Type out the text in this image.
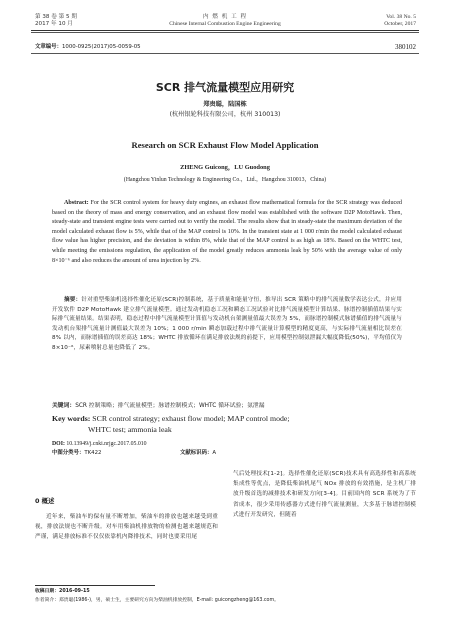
第 38 卷 第 5 期
2017 年 10 月
内 燃 机 工 程
Chinese Internal Combustion Engine Engineering
Vol. 38 No. 5
October, 2017
文章编号：1000-0925(2017)05-0059-05	380102
SCR 排气流量模型应用研究
郑贵聪，陆国栋
(杭州银轮科技有限公司，杭州 310013)
Research on SCR Exhaust Flow Model Application
ZHENG Guicong，LU Guodong
(Hangzhou Yinlun Technology & Engineering Co.，Ltd.，Hangzhou 310013，China)
Abstract: For the SCR control system for heavy duty engines, an exhaust flow mathematical formula for the SCR strategy was deduced based on the theory of mass and energy conservation, and an exhaust flow model was established with the software D2P MotoHawk. Then, steady-state and transient engine tests were carried out to verify the model. The results show that in steady-state the maximum deviation of the model calculated exhaust flow is 5%, while that of the MAP control is 10%. In the transient state at 1 000 r/min the model calculated exhaust flow value has higher precision, and the deviation is within 8%, while that of the MAP control is as high as 18%. Based on the WHTC test, while meeting the emissions regulation, the application of the model greatly reduces ammonia leak by 50% with the average value of only 8×10⁻⁶ and also reduces the amount of urea injection by 2%.
摘要：针对重型柴油机选择性催化还原(SCR)控制系统，基于质量和能量守恒，推导出 SCR 策略中的排气流量数学表达公式，并应用开发软件 D2P MotoHawk 建立排气流量模型。通过发动机稳态工况和瞬态工况试验对比排气流量模型计算结果、脉谱控制插值结果与实际排气流量结果。结果表明，稳态过程中排气流量模型计算值与发动机台架测量值最大误差为 5%，而脉谱控制模式脉谱插值的排气流量与发动机台架排气流量计测值最大误差为 10%；1 000 r/min 瞬态加载过程中排气流量计算模型的精度更高，与实际排气流量相比误差在 8% 以内，而脉谱插值的误差高达 18%；WHTC 排放循环在满足排放法规的前提下，应用模型控制氨泄漏大幅度降低(50%)，平均值仅为 8×10⁻⁶，尿素喷射总量也降低了 2%。
关键词：SCR 控制策略；排气流量模型；脉谱控制模式；WHTC 循环试验；氨泄漏
Key words: SCR control strategy; exhaust flow model; MAP control mode;
WHTC test; ammonia leak
DOI: 10.13949/j.cnki.nrjgc.2017.05.010
中图分类号：TK422	文献标识码：A
0 概述
近年来，柴油车的保有量不断增加，柴油车的排放也越来越受到重视，排放法规也不断升级。对车用柴油机排放物的检测也越来越规范和严谨，满足排放标准不仅仅依靠机内降排技术，同时也要采用尾
气后处理技术[1-2]。选择性催化还原(SCR)技术具有高选择性和高系统集成性等优点，是降低柴油机尾气 NOx 排放的有效措施，是主机厂排放升级首选的减排技术和研发方向[3-4]。目前国内的 SCR 系统为了节省成本，很少采用传感器方式进行排气流量测量，大多基于脉谱控制模式进行开发研究，但随着
收稿日期：2016-09-15
作者简介：郑贵聪(1986-)，男，硕士生，主要研究方向为柴油机排放控制，E-mail: guicongzheng@163.com。
